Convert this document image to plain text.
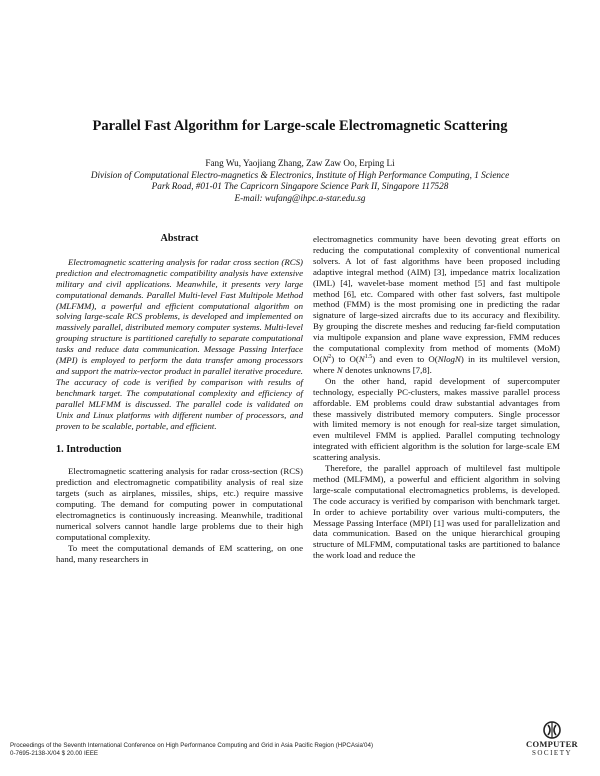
Parallel Fast Algorithm for Large-scale Electromagnetic Scattering
Fang Wu, Yaojiang Zhang, Zaw Zaw Oo, Erping Li
Division of Computational Electro-magnetics & Electronics, Institute of High Performance Computing, 1 Science
Park Road, #01-01 The Capricorn Singapore Science Park II, Singapore 117528
E-mail: wufang@ihpc.a-star.edu.sg
Abstract

Electromagnetic scattering analysis for radar cross section (RCS) prediction and electromagnetic compatibility analysis have extensive military and civil applications. Meanwhile, it presents very large computational demands. Parallel Multi-level Fast Multipole Method (MLFMM), a powerful and efficient computational algorithm on solving large-scale RCS problems, is developed and implemented on massively parallel, distributed memory computer systems. Multi-level grouping structure is partitioned carefully to separate computational tasks and reduce data communication. Message Passing Interface (MPI) is employed to perform the data transfer among processors and support the matrix-vector product in parallel iterative procedure. The accuracy of code is verified by comparison with results of benchmark target. The computational complexity and efficiency of parallel MLFMM is discussed. The parallel code is validated on Unix and Linux platforms with different number of processors, and proven to be scalable, portable, and efficient.

1. Introduction

Electromagnetic scattering analysis for radar cross-section (RCS) prediction and electromagnetic compatibility analysis of real size targets (such as airplanes, missiles, ships, etc.) require massive computing. The demand for computing power in computational electromagnetics is continuously increasing. Meanwhile, traditional numerical solvers cannot handle large problems due to their high computational complexity.

To meet the computational demands of EM scattering, on one hand, many researchers in

electromagnetics community have been devoting great efforts on reducing the computational complexity of conventional numerical solvers. A lot of fast algorithms have been proposed including adaptive integral method (AIM) [3], impedance matrix localization (IML) [4], wavelet-base moment method [5] and fast multipole method [6], etc. Compared with other fast solvers, fast multipole method (FMM) is the most promising one in predicting the radar signature of large-sized aircrafts due to its accuracy and flexibility. By grouping the discrete meshes and reducing far-field computation via multipole expansion and plane wave expression, FMM reduces the computational complexity from method of moments (MoM) $O(N^2)$ to $O(N^{1.5})$ and even to O(NlogN) in its multilevel version, where N denotes unknowns [7,8].

On the other hand, rapid development of supercomputer technology, especially PC-clusters, makes massive parallel process affordable. EM problems could draw substantial advantages from these massively distributed memory computers. Single processor with limited memory is not enough for real-size target simulation, even multilevel FMM is applied. Parallel computing technology integrated with efficient algorithm is the solution for large-scale EM scattering analysis.

Therefore, the parallel approach of multilevel fast multipole method (MLFMM), a powerful and efficient algorithm in solving large-scale computational electromagnetics problems, is developed. The code accuracy is verified by comparison with benchmark target. In order to achieve portability over various multi-computers, the Message Passing Interface (MPI) [1] was used for parallelization and data communication. Based on the unique hierarchical grouping structure of MLFMM, computational tasks are partitioned to balance the work load and reduce the

Proceedings of the Seventh International Conference on High Performance Computing and Grid in Asia Pacific Region (HPCAsia'04)
0-7695-2138-X/04 $ 20.00 IEEE
COMPUTER
SOCIETY
